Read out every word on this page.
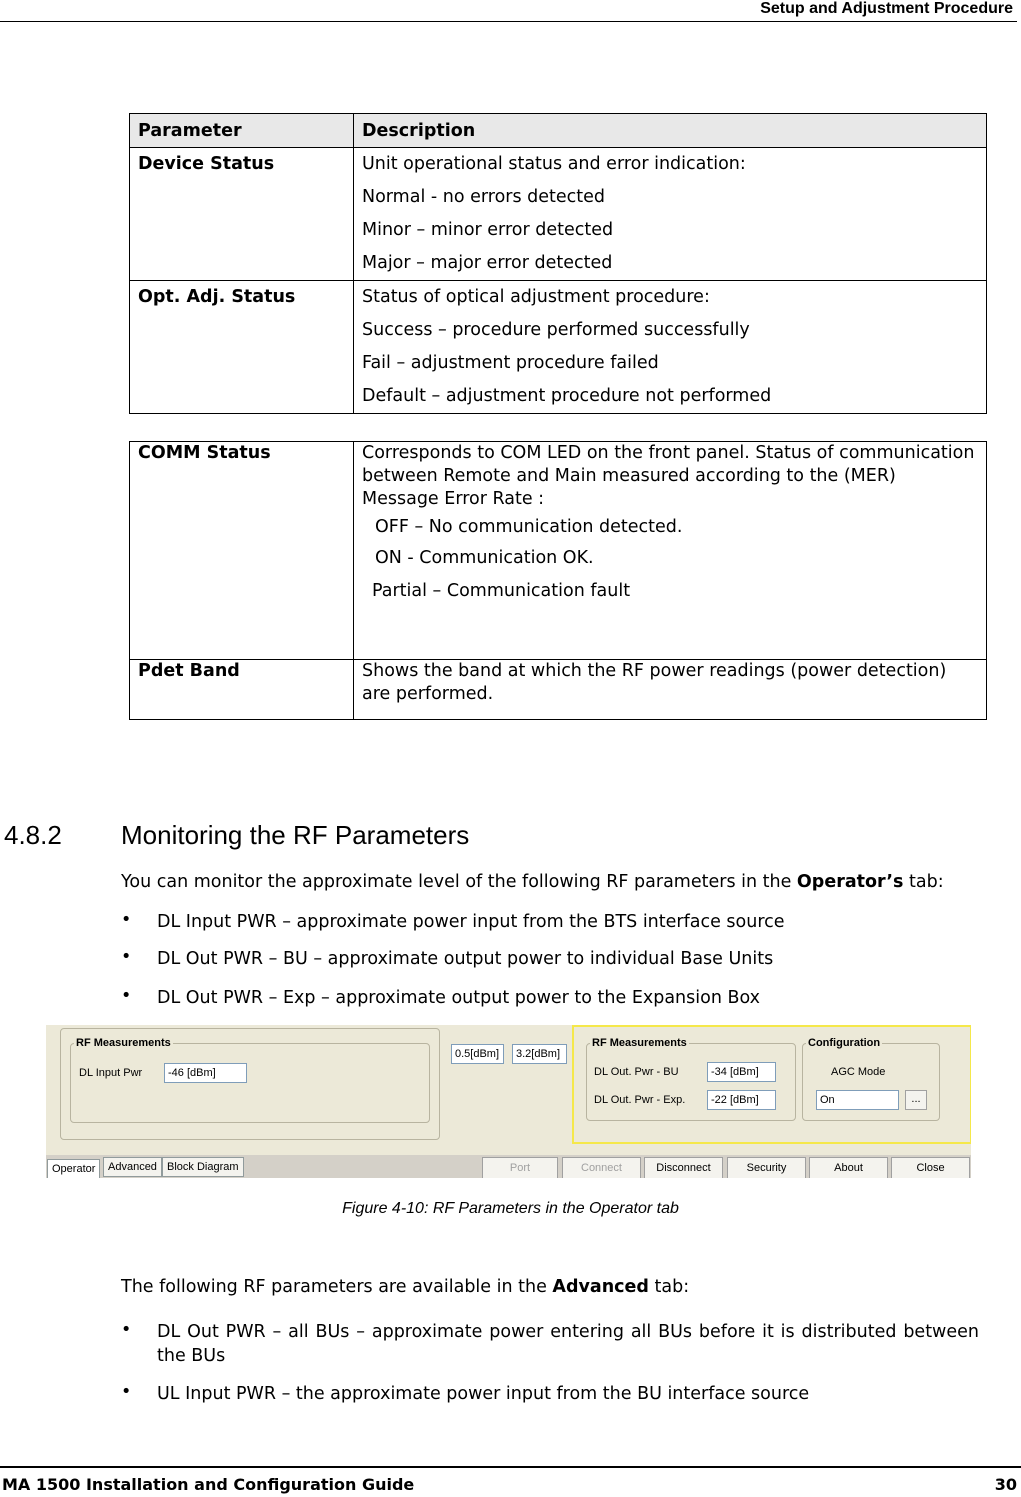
Setup and Adjustment Procedure
Parameter	Description
Device Status	Unit operational status and error indication:
Normal - no errors detected
Minor – minor error detected
Major – major error detected

Opt. Adj. Status	Status of optical adjustment procedure:
Success – procedure performed successfully
Fail – adjustment procedure failed
Default – adjustment procedure not performed
COMM Status	Corresponds to COM LED on the front panel. Status of communication between Remote and Main measured according to the (MER) Message Error Rate :
OFF – No communication detected.
ON - Communication OK.
Partial – Communication fault

Pdet Band	Shows the band at which the RF power readings (power detection) are performed.
4.8.2 Monitoring the RF Parameters
You can monitor the approximate level of the following RF parameters in the Operator’s tab:
• DL Input PWR – approximate power input from the BTS interface source
• DL Out PWR – BU – approximate output power to individual Base Units
• DL Out PWR – Exp – approximate output power to the Expansion Box
RF Measurements
DL Input Pwr	-46 [dBm]
0.5[dBm]	3.2[dBm]
RF Measurements
DL Out. Pwr - BU	-34 [dBm]
DL Out. Pwr - Exp.	-22 [dBm]
Configuration
AGC Mode
On	...
Operator	Advanced Block Diagram	Port	Connect	Disconnect	Security	About	Close
Figure 4-10: RF Parameters in the Operator tab
The following RF parameters are available in the Advanced tab:
• DL Out PWR – all BUs – approximate power entering all BUs before it is distributed between the BUs
• UL Input PWR – the approximate power input from the BU interface source
MA 1500 Installation and Configuration Guide	30
